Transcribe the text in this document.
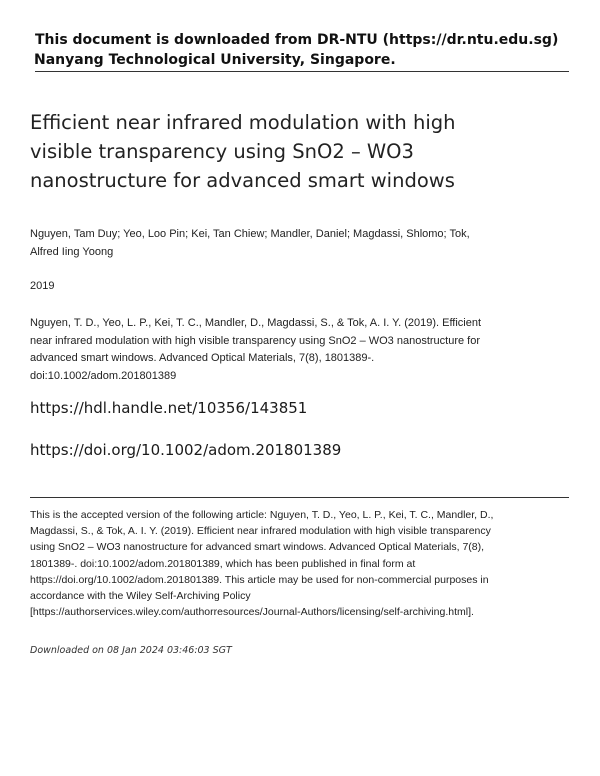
This document is downloaded from DR-NTU (https://dr.ntu.edu.sg)
Nanyang Technological University, Singapore.
Efficient near infrared modulation with high visible transparency using SnO2 – WO3 nanostructure for advanced smart windows
Nguyen, Tam Duy; Yeo, Loo Pin; Kei, Tan Chiew; Mandler, Daniel; Magdassi, Shlomo; Tok, Alfred Iing Yoong
2019
Nguyen, T. D., Yeo, L. P., Kei, T. C., Mandler, D., Magdassi, S., & Tok, A. I. Y. (2019). Efficient near infrared modulation with high visible transparency using SnO2 – WO3 nanostructure for advanced smart windows. Advanced Optical Materials, 7(8), 1801389-. doi:10.1002/adom.201801389
https://hdl.handle.net/10356/143851
https://doi.org/10.1002/adom.201801389
This is the accepted version of the following article: Nguyen, T. D., Yeo, L. P., Kei, T. C., Mandler, D., Magdassi, S., & Tok, A. I. Y. (2019). Efficient near infrared modulation with high visible transparency using SnO2 – WO3 nanostructure for advanced smart windows. Advanced Optical Materials, 7(8), 1801389-. doi:10.1002/adom.201801389, which has been published in final form at https://doi.org/10.1002/adom.201801389. This article may be used for non-commercial purposes in accordance with the Wiley Self-Archiving Policy [https://authorservices.wiley.com/authorresources/Journal-Authors/licensing/self-archiving.html].
Downloaded on 08 Jan 2024 03:46:03 SGT
